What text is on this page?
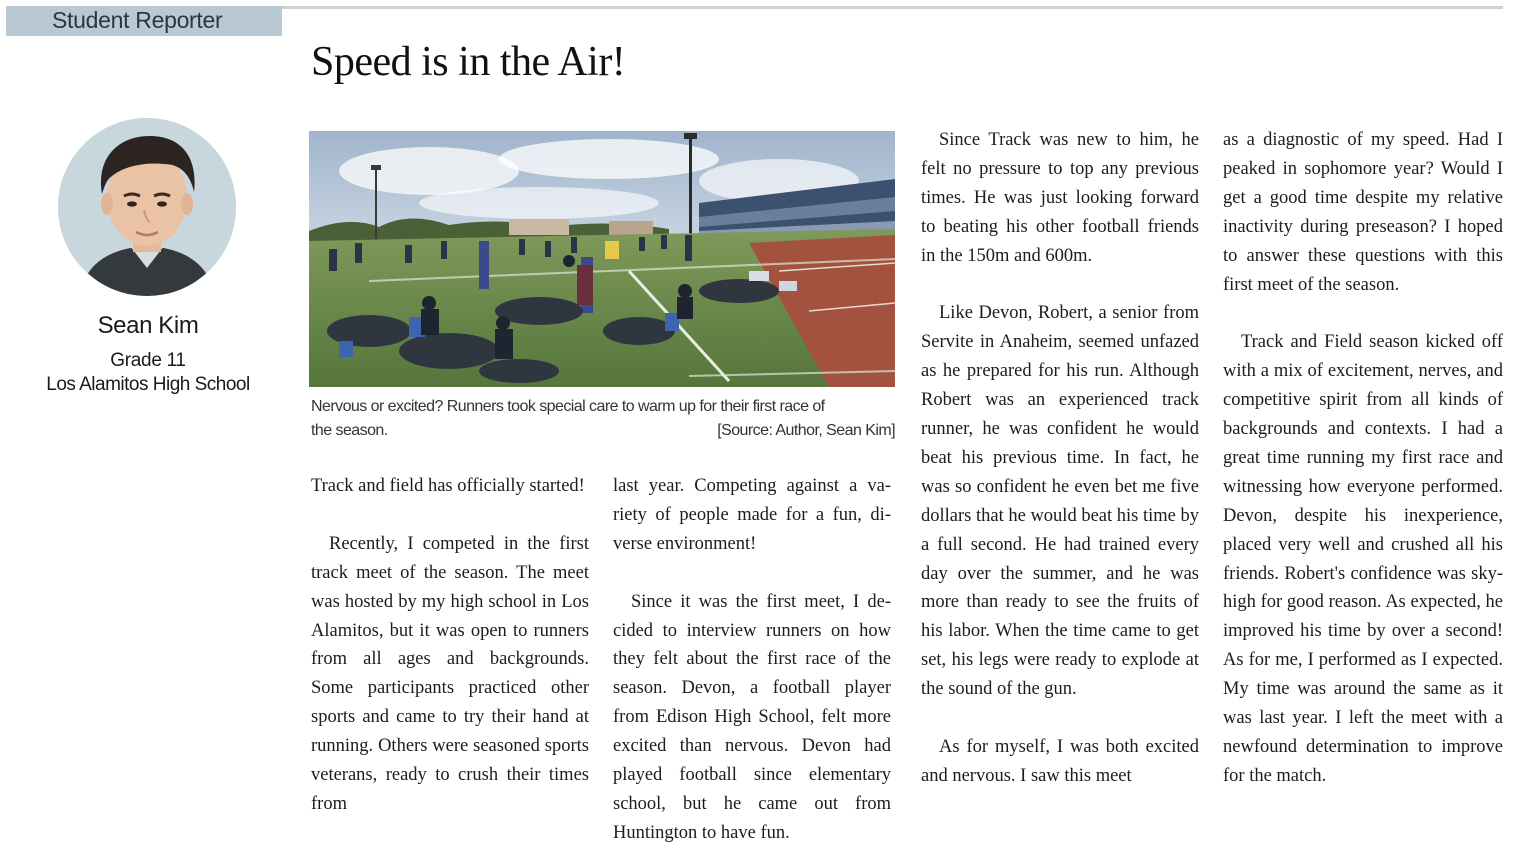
Student Reporter
Speed is in the Air!
Sean Kim
Grade 11
Los Alamitos High School
Nervous or excited? Runners took special care to warm up for their first race of
the season.	[Source: Author, Sean Kim]

Track and field has officially started!

Recently, I competed in the first track meet of the season. The meet was hosted by my high school in Los Alamitos, but it was open to runners from all ages and backgrounds. Some participants practiced other sports and came to try their hand at running. Others were seasoned sports veterans, ready to crush their times from

last year. Competing against a variety of people made for a fun, diverse environment!

Since it was the first meet, I decided to interview runners on how they felt about the first race of the season. Devon, a football player from Edison High School, felt more excited than nervous. Devon had played football since elementary school, but he came out from Huntington to have fun.

Since Track was new to him, he felt no pressure to top any previous times. He was just looking forward to beating his other football friends in the 150m and 600m.

Like Devon, Robert, a senior from Servite in Anaheim, seemed unfazed as he prepared for his run. Although Robert was an experienced track runner, he was confident he would beat his previous time. In fact, he was so confident he even bet me five dollars that he would beat his time by a full second. He had trained every day over the summer, and he was more than ready to see the fruits of his labor. When the time came to get set, his legs were ready to explode at the sound of the gun.

As for myself, I was both excited and nervous. I saw this meet

as a diagnostic of my speed. Had I peaked in sophomore year? Would I get a good time despite my relative inactivity during preseason? I hoped to answer these questions with this first meet of the season.

Track and Field season kicked off with a mix of excitement, nerves, and competitive spirit from all kinds of backgrounds and contexts. I had a great time running my first race and witnessing how everyone performed. Devon, despite his inexperience, placed very well and crushed all his friends. Robert's confidence was sky-high for good reason. As expected, he improved his time by over a second! As for me, I performed as I expected. My time was around the same as it was last year. I left the meet with a newfound determination to improve for the match.
